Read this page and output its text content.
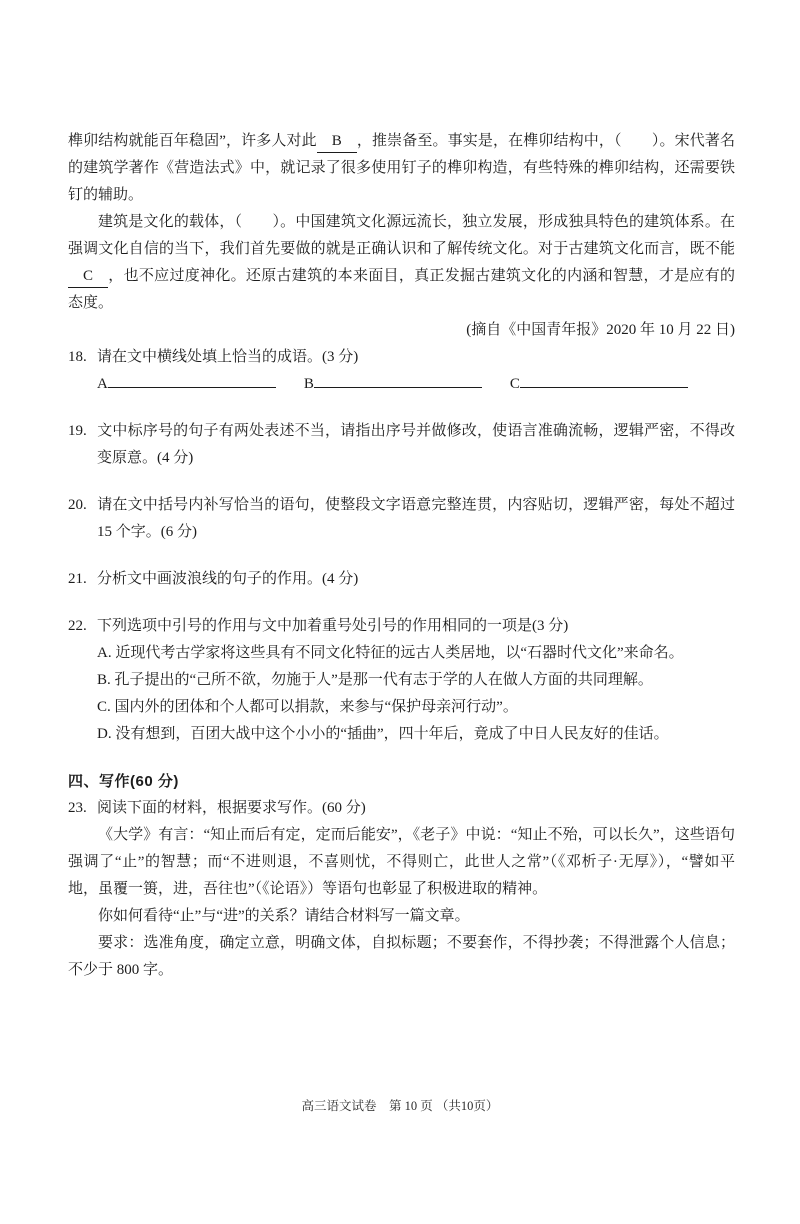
榫卯结构就能百年稳固”，许多人对此 B ，推崇备至。事实是，在榫卯结构中，（　　）。宋代著名的建筑学著作《营造法式》中，就记录了很多使用钉子的榫卯构造，有些特殊的榫卯结构，还需要铁钉的辅助。

建筑是文化的载体，（　　）。中国建筑文化源远流长，独立发展，形成独具特色的建筑体系。在强调文化自信的当下，我们首先要做的就是正确认识和了解传统文化。对于古建筑文化而言，既不能C ，也不应过度神化。还原古建筑的本来面目，真正发掘古建筑文化的内涵和智慧，才是应有的态度。

(摘自《中国青年报》2020 年 10 月 22 日)

18. 请在文中横线处填上恰当的成语。(3 分)
A	B	C
19. 文中标序号的句子有两处表述不当，请指出序号并做修改，使语言准确流畅，逻辑严密，不得改变原意。(4 分)
20. 请在文中括号内补写恰当的语句，使整段文字语意完整连贯，内容贴切，逻辑严密，每处不超过 15 个字。(6 分)
21. 分析文中画波浪线的句子的作用。(4 分)
22. 下列选项中引号的作用与文中加着重号处引号的作用相同的一项是(3 分)
A. 近现代考古学家将这些具有不同文化特征的远古人类居地，以“石器时代文化”来命名。
B. 孔子提出的“己所不欲，勿施于人”是那一代有志于学的人在做人方面的共同理解。
C. 国内外的团体和个人都可以捐款，来参与“保护母亲河行动”。
D. 没有想到，百团大战中这个小小的“插曲”，四十年后，竟成了中日人民友好的佳话。
四、写作(60 分)
23. 阅读下面的材料，根据要求写作。(60 分)

《大学》有言：“知止而后有定，定而后能安”，《老子》中说：“知止不殆，可以长久”，这些语句强调了“止”的智慧；而“不进则退，不喜则忧，不得则亡，此世人之常”（《邓析子·无厚》），“譬如平地，虽覆一篑，进，吾往也”（《论语》）等语句也彰显了积极进取的精神。

你如何看待“止”与“进”的关系？请结合材料写一篇文章。

要求：选准角度，确定立意，明确文体，自拟标题；不要套作，不得抄袭；不得泄露个人信息；不少于 800 字。

高三语文试卷　第 10 页 （共10页）
